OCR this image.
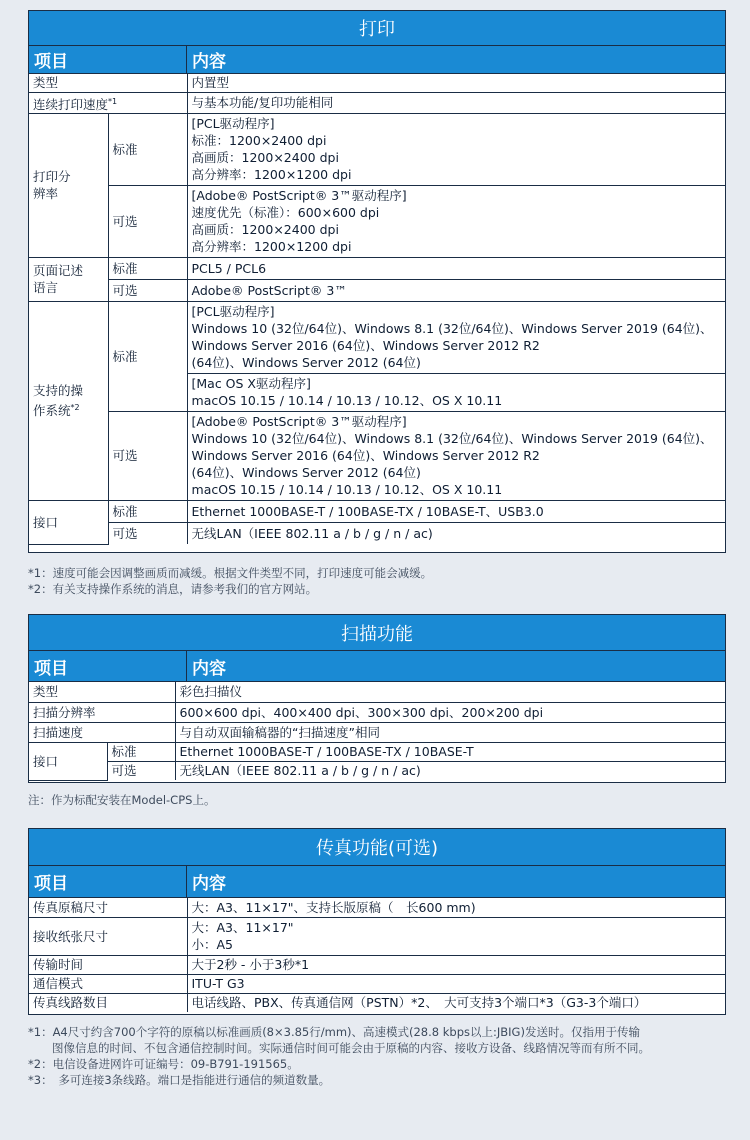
打印
项目	内容
类型		内置型
连续打印速度$^{*1}$		与基本功能/复印功能相同
打印分
辨率	标准	[PCL驱动程序]
标准：1200×2400 dpi
高画质：1200×2400 dpi
高分辨率：1200×1200 dpi

	可选	[Adobe® PostScript® 3™驱动程序]
速度优先（标准）：600×600 dpi
高画质：1200×2400 dpi
高分辨率：1200×1200 dpi

页面记述
语言	标准	PCL5 / PCL6
	可选	Adobe® PostScript® 3™
支持的操
作系统$^{*2}$	标准	[PCL驱动程序]
Windows 10 (32位/64位)、Windows 8.1 (32位/64位)、Windows Server 2019 (64位)、
Windows Server 2016 (64位)、Windows Server 2012 R2
(64位)、Windows Server 2012 (64位)

		[Mac OS X驱动程序]
macOS 10.15 / 10.14 / 10.13 / 10.12、OS X 10.11

	可选	[Adobe® PostScript® 3™驱动程序]
Windows 10 (32位/64位)、Windows 8.1 (32位/64位)、Windows Server 2019 (64位)、
Windows Server 2016 (64位)、Windows Server 2012 R2
(64位)、Windows Server 2012 (64位)
macOS 10.15 / 10.14 / 10.13 / 10.12、OS X 10.11

接口	标准	Ethernet 1000BASE-T / 100BASE-TX / 10BASE-T、USB3.0
	可选	无线LAN（IEEE 802.11 a / b / g / n / ac)
*1：速度可能会因调整画质而减缓。根据文件类型不同，打印速度可能会减缓。
*2：有关支持操作系统的消息，请参考我们的官方网站。
扫描功能
项目	内容
类型		彩色扫描仪
扫描分辨率		600×600 dpi、400×400 dpi、300×300 dpi、200×200 dpi
扫描速度		与自动双面输稿器的“扫描速度”相同
接口	标准	Ethernet 1000BASE-T / 100BASE-TX / 10BASE-T
	可选	无线LAN（IEEE 802.11 a / b / g / n / ac)
注：作为标配安装在Model-CPS上。
传真功能(可选)
项目	内容
传真原稿尺寸	大：A3、11×17"、支持长版原稿（　长600 mm)
接收纸张尺寸	大：A3、11×17"
小：A5

传输时间	大于2秒 - 小于3秒*1
通信模式	ITU-T G3
传真线路数目	电话线路、PBX、传真通信网（PSTN）*2、　大可支持3个端口*3（G3-3个端口）
*1：A4尺寸约含700个字符的原稿以标准画质(8×3.85行/mm)、高速模式(28.8 kbps以上:JBIG)发送时。仅指用于传输
图像信息的时间、不包含通信控制时间。实际通信时间可能会由于原稿的内容、接收方设备、线路情况等而有所不同。
*2：电信设备进网许可证编号：09-B791-191565。
*3：　多可连接3条线路。端口是指能进行通信的频道数量。
